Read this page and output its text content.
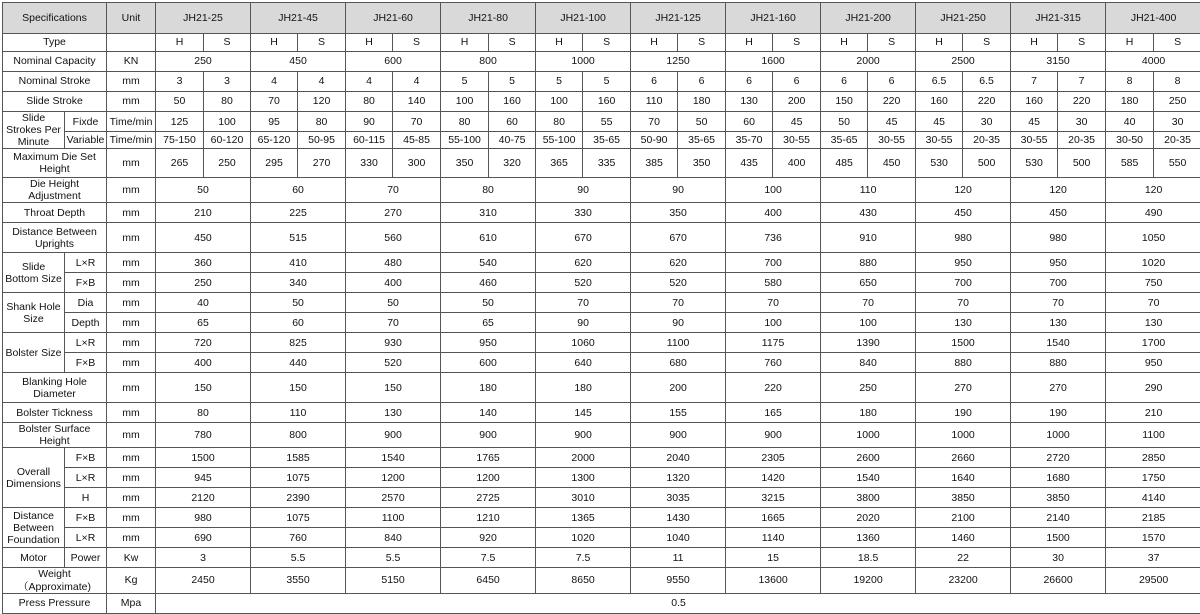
Specifications		Unit	JH21-25		JH21-45		JH21-60		JH21-80		JH21-100		JH21-125		JH21-160		JH21-200		JH21-250		JH21-315		JH21-400	
Type			H	S	H	S	H	S	H	S	H	S	H	S	H	S	H	S	H	S	H	S	H	S
Nominal Capacity		KN	250		450		600		800		1000		1250		1600		2000		2500		3150		4000	
Nominal Stroke		mm	3	3	4	4	4	4	5	5	5	5	6	6	6	6	6	6	6.5	6.5	7	7	8	8
Slide Stroke		mm	50	80	70	120	80	140	100	160	100	160	110	180	130	200	150	220	160	220	160	220	180	250
Slide Strokes Per Minute	Fixde	Time/min	125	100	95	80	90	70	80	60	80	55	70	50	60	45	50	45	45	30	45	30	40	30
	Variable	Time/min	75-150	60-120	65-120	50-95	60-115	45-85	55-100	40-75	55-100	35-65	50-90	35-65	35-70	30-55	35-65	30-55	30-55	20-35	30-55	20-35	30-50	20-35
Maximum Die Set Height		mm	265	250	295	270	330	300	350	320	365	335	385	350	435	400	485	450	530	500	530	500	585	550
Die Height Adjustment		mm	50		60		70		80		90		90		100		110		120		120		120	
Throat Depth		mm	210		225		270		310		330		350		400		430		450		450		490	
Distance Between Uprights		mm	450		515		560		610		670		670		736		910		980		980		1050	
Slide Bottom Size	L×R	mm	360		410		480		540		620		620		700		880		950		950		1020	
	F×B	mm	250		340		400		460		520		520		580		650		700		700		750	
Shank Hole Size	Dia	mm	40		50		50		50		70		70		70		70		70		70		70	
	Depth	mm	65		60		70		65		90		90		100		100		130		130		130	
Bolster Size	L×R	mm	720		825		930		950		1060		1100		1175		1390		1500		1540		1700	
	F×B	mm	400		440		520		600		640		680		760		840		880		880		950	
Blanking Hole Diameter		mm	150		150		150		180		180		200		220		250		270		270		290	
Bolster Tickness		mm	80		110		130		140		145		155		165		180		190		190		210	
Bolster Surface Height		mm	780		800		900		900		900		900		900		1000		1000		1000		1100	
Overall Dimensions	F×B	mm	1500		1585		1540		1765		2000		2040		2305		2600		2660		2720		2850	
	L×R	mm	945		1075		1200		1200		1300		1320		1420		1540		1640		1680		1750	
	H	mm	2120		2390		2570		2725		3010		3035		3215		3800		3850		3850		4140	
Distance Between Foundation	F×B	mm	980		1075		1100		1210		1365		1430		1665		2020		2100		2140		2185	
	L×R	mm	690		760		840		920		1020		1040		1140		1360		1460		1500		1570	
Motor	Power	Kw	3		5.5		5.5		7.5		7.5		11		15		18.5		22		30		37	
Weight（Approximate)		Kg	2450		3550		5150		6450		8650		9550		13600		19200		23200		26600		29500	
Press Pressure		Mpa	0.5																					
